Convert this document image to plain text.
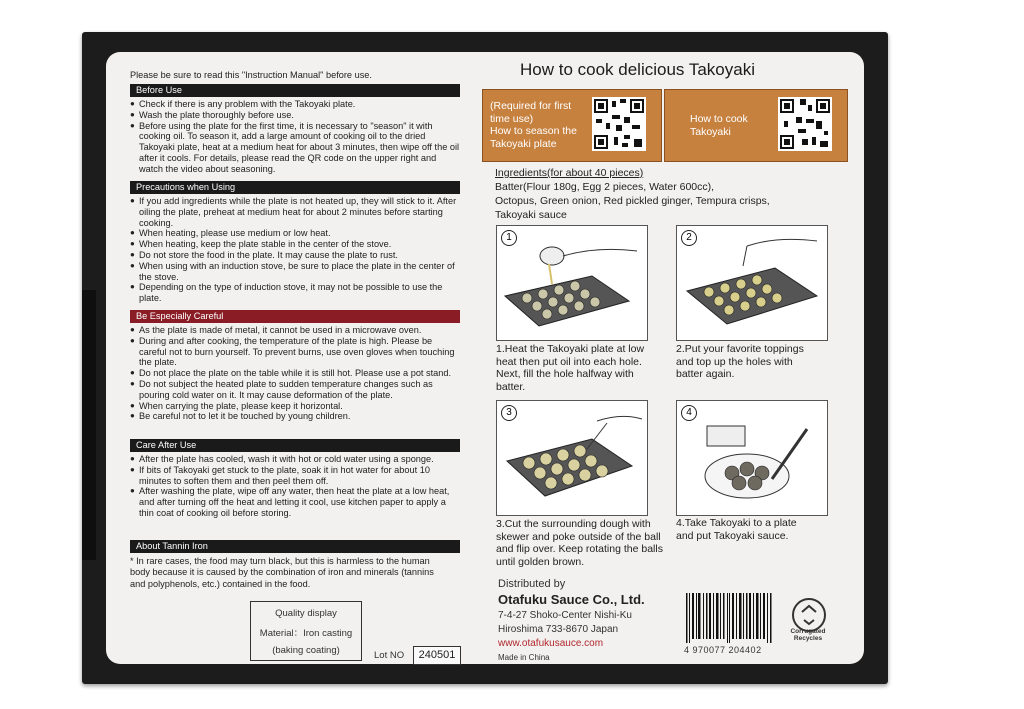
Please be sure to read this "Instruction Manual" before use.
Before Use
● Check if there is any problem with the Takoyaki plate.
● Wash the plate thoroughly before use.
● Before using the plate for the first time, it is necessary to "season" it with cooking oil. To season it, add a large amount of cooking oil to the dried Takoyaki plate, heat at a medium heat for about 3 minutes, then wipe off the oil after it cools. For details, please read the QR code on the upper right and watch the video about seasoning.
Precautions when Using
● If you add ingredients while the plate is not heated up, they will stick to it. After oiling the plate, preheat at medium heat for about 2 minutes before starting cooking.
● When heating, please use medium or low heat.
● When heating, keep the plate stable in the center of the stove.
● Do not store the food in the plate. It may cause the plate to rust.
● When using with an induction stove, be sure to place the plate in the center of the stove.
● Depending on the type of induction stove, it may not be possible to use the plate.
Be Especially Careful
● As the plate is made of metal, it cannot be used in a microwave oven.
● During and after cooking, the temperature of the plate is high. Please be careful not to burn yourself. To prevent burns, use oven gloves when touching the plate.
● Do not place the plate on the table while it is still hot. Please use a pot stand.
● Do not subject the heated plate to sudden temperature changes such as pouring cold water on it. It may cause deformation of the plate.
● When carrying the plate, please keep it horizontal.
● Be careful not to let it be touched by young children.
Care After Use
● After the plate has cooled, wash it with hot or cold water using a sponge.
● If bits of Takoyaki get stuck to the plate, soak it in hot water for about 10 minutes to soften them and then peel them off.
● After washing the plate, wipe off any water, then heat the plate at a low heat, and after turning off the heat and letting it cool, use kitchen paper to apply a thin coat of cooking oil before storing.
About Tannin Iron
* In rare cases, the food may turn black, but this is harmless to the human body because it is caused by the combination of iron and minerals (tannins and polyphenols, etc.) contained in the food.
Quality display
Material：Iron casting
(baking coating)	Lot NO	240501
How to cook delicious Takoyaki
(Required for first time use)
How to season the Takoyaki plate
How to cook
Takoyaki
Ingredients(for about 40 pieces)
Batter(Flour 180g, Egg 2 pieces, Water 600cc),
Octopus, Green onion, Red pickled ginger, Tempura crisps,
Takoyaki sauce
1
1.Heat the Takoyaki plate at low heat then put oil into each hole. Next, fill the hole halfway with batter.
2
2.Put your favorite toppings and top up the holes with batter again.
3
3.Cut the surrounding dough with skewer and poke outside of the ball and flip over. Keep rotating the balls until golden brown.
4
4.Take Takoyaki to a plate and put Takoyaki sauce.
Distributed by
Otafuku Sauce Co., Ltd.
7-4-27 Shoko-Center Nishi-Ku
Hiroshima 733-8670 Japan
www.otafukusauce.com
Made in China
4 970077 204402
Corrugated Recycles
